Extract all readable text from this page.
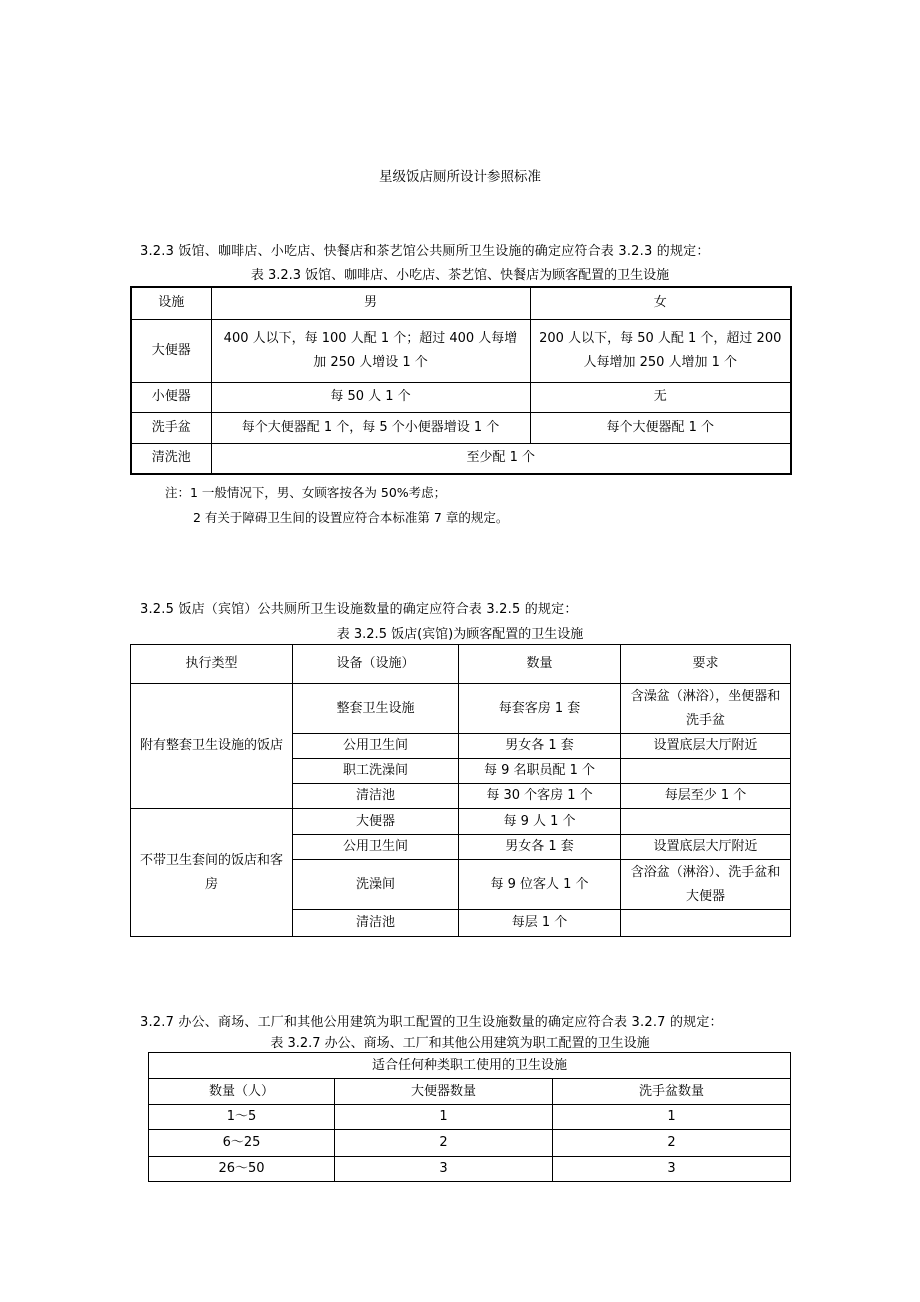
星级饭店厕所设计参照标准
3.2.3 饭馆、咖啡店、小吃店、快餐店和茶艺馆公共厕所卫生设施的确定应符合表 3.2.3 的规定：
表 3.2.3 饭馆、咖啡店、小吃店、茶艺馆、快餐店为顾客配置的卫生设施
设施	男	女
大便器	400 人以下，每 100 人配 1 个；超过 400 人每增加 250 人增设 1 个	200 人以下，每 50 人配 1 个，超过 200 人每增加 250 人增加 1 个
小便器	每 50 人 1 个	无
洗手盆	每个大便器配 1 个，每 5 个小便器增设 1 个	每个大便器配 1 个
清洗池	至少配 1 个	
注：1 一般情况下，男、女顾客按各为 50%考虑；
2 有关于障碍卫生间的设置应符合本标准第 7 章的规定。
3.2.5 饭店（宾馆）公共厕所卫生设施数量的确定应符合表 3.2.5 的规定：
表 3.2.5 饭店(宾馆)为顾客配置的卫生设施
执行类型	设备（设施）	数量	要求
附有整套卫生设施的饭店	整套卫生设施	每套客房 1 套	含澡盆（淋浴），坐便器和洗手盆
	公用卫生间	男女各 1 套	设置底层大厅附近
	职工洗澡间	每 9 名职员配 1 个	
	清洁池	每 30 个客房 1 个	每层至少 1 个
不带卫生套间的饭店和客房	大便器	每 9 人 1 个	
	公用卫生间	男女各 1 套	设置底层大厅附近
	洗澡间	每 9 位客人 1 个	含浴盆（淋浴）、洗手盆和大便器
	清洁池	每层 1 个	
3.2.7 办公、商场、工厂和其他公用建筑为职工配置的卫生设施数量的确定应符合表 3.2.7 的规定：
表 3.2.7 办公、商场、工厂和其他公用建筑为职工配置的卫生设施
适合任何种类职工使用的卫生设施		
数量（人）	大便器数量	洗手盆数量
1～5	1	1
6～25	2	2
26～50	3	3
